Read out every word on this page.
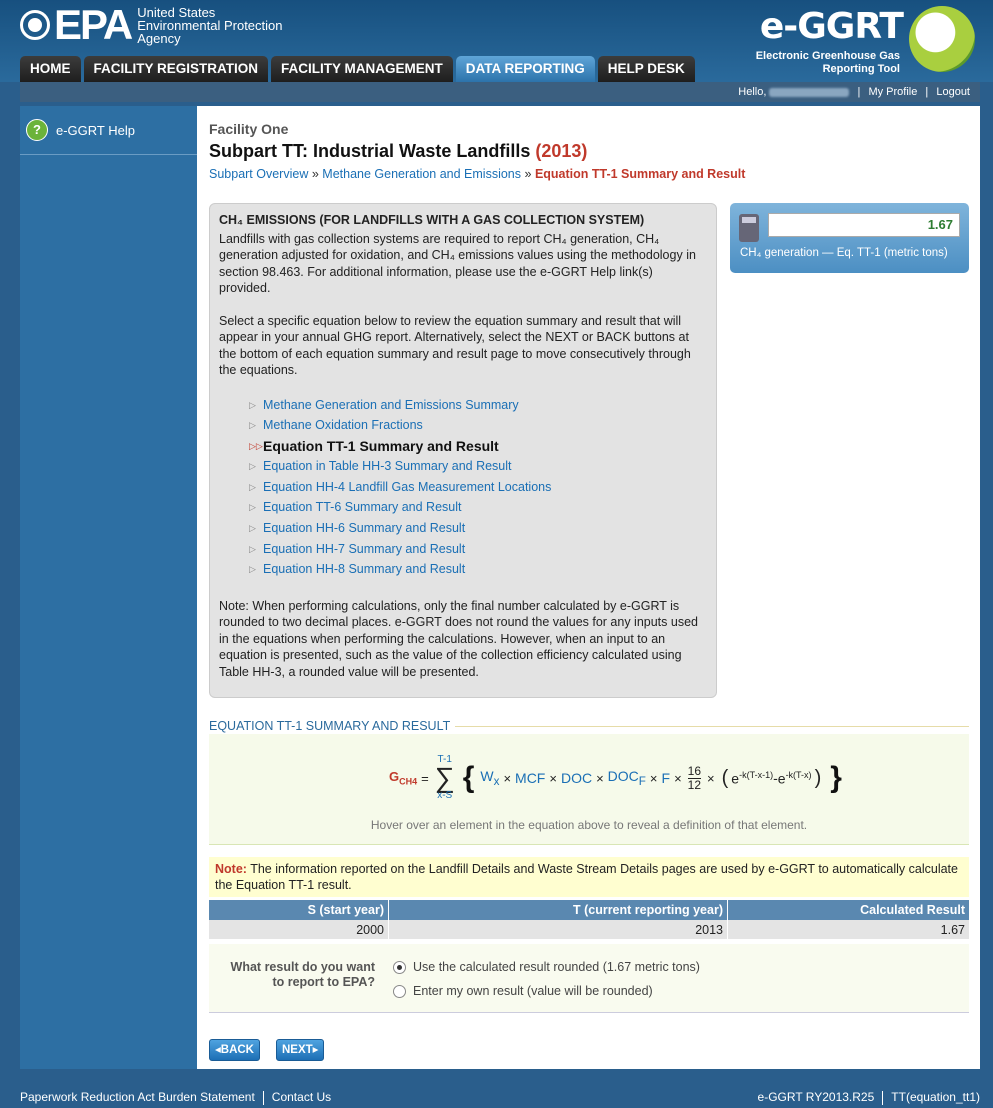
EPA United States
Environmental Protection
Agency	e-GGRT
Electronic Greenhouse Gas
Reporting Tool
HOME	FACILITY REGISTRATION	FACILITY MANAGEMENT	DATA REPORTING	HELP DESK
Hello,	| My Profile | Logout
?	e-GGRT Help	Facility One
Subpart TT: Industrial Waste Landfills (2013)
Subpart Overview » Methane Generation and Emissions » Equation TT-1 Summary and Result
CH₄ EMISSIONS (FOR LANDFILLS WITH A GAS COLLECTION SYSTEM)

Landfills with gas collection systems are required to report CH₄ generation, CH₄ generation adjusted for oxidation, and CH₄ emissions values using the methodology in section 98.463. For additional information, please use the e-GGRT Help link(s) provided.

Select a specific equation below to review the equation summary and result that will appear in your annual GHG report. Alternatively, select the NEXT or BACK buttons at the bottom of each equation summary and result page to move consecutively through the equations.

▷ Methane Generation and Emissions Summary
▷ Methane Oxidation Fractions
▷▷ Equation TT-1 Summary and Result
▷ Equation in Table HH-3 Summary and Result
▷ Equation HH-4 Landfill Gas Measurement Locations
▷ Equation TT-6 Summary and Result
▷ Equation HH-6 Summary and Result
▷ Equation HH-7 Summary and Result
▷ Equation HH-8 Summary and Result
Note: When performing calculations, only the final number calculated by e-GGRT is rounded to two decimal places. e-GGRT does not round the values for any inputs used in the equations when performing the calculations. However, when an input to an equation is presented, such as the value of the collection efficiency calculated using Table HH-3, a rounded value will be presented.
1.67
CH₄ generation — Eq. TT-1 (metric tons)
EQUATION TT-1 SUMMARY AND RESULT
$G_{CH4}$ =
T-1
∑
x-S
{ $W_x$ × MCF × DOC × $DOC_F \times F \times \frac{16}{12}$ × ( $e^{-k(T-x-1)} - e^{-k(T-x)}$ ) }
Hover over an element in the equation above to reveal a definition of that element.
Note: The information reported on the Landfill Details and Waste Stream Details pages are used by e-GGRT to automatically calculate the Equation TT-1 result.
S (start year)	T (current reporting year)	Calculated Result
2000	2013	1.67
What result do you want to report to EPA?
Use the calculated result rounded (1.67 metric tons)
Enter my own result (value will be rounded)
◂BACK	NEXT▸
Paperwork Reduction Act Burden Statement Contact Us	e-GGRT RY2013.R25 TT(equation_tt1)
